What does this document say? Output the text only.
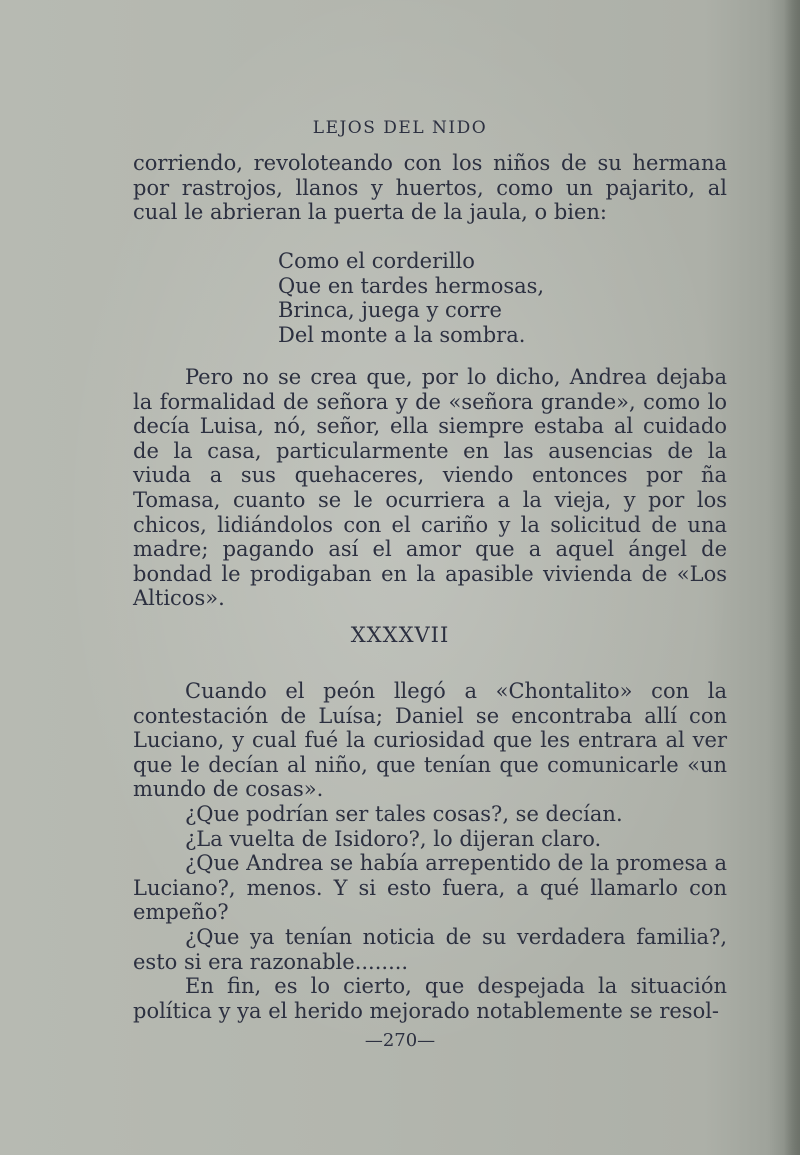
LEJOS DEL NIDO

corriendo, revoloteando con los niños de su hermana por rastrojos, llanos y huertos, como un pajarito, al cual le abrieran la puerta de la jaula, o bien:

Como el corderillo
Que en tardes hermosas,
Brinca, juega y corre
Del monte a la sombra.

Pero no se crea que, por lo dicho, Andrea dejaba la formalidad de señora y de «señora grande», como lo decía Luisa, nó, señor, ella siempre estaba al cuidado de la casa, particularmente en las ausencias de la viuda a sus quehaceres, viendo entonces por ña Tomasa, cuanto se le ocurriera a la vieja, y por los chicos, lidiándolos con el cariño y la solicitud de una madre; pagando así el amor que a aquel ángel de bondad le prodigaban en la apasible vivienda de «Los Alticos».

XXXXVII

Cuando el peón llegó a «Chontalito» con la contestación de Luísa; Daniel se encontraba allí con Luciano, y cual fué la curiosidad que les entrara al ver que le decían al niño, que tenían que comunicarle «un mundo de cosas».

¿Que podrían ser tales cosas?, se decían.

¿La vuelta de Isidoro?, lo dijeran claro.

¿Que Andrea se había arrepentido de la promesa a Luciano?, menos. Y si esto fuera, a qué llamarlo con empeño?

¿Que ya tenían noticia de su verdadera familia?, esto si era razonable........

En fin, es lo cierto, que despejada la situación política y ya el herido mejorado notablemente se resol-

—270—
